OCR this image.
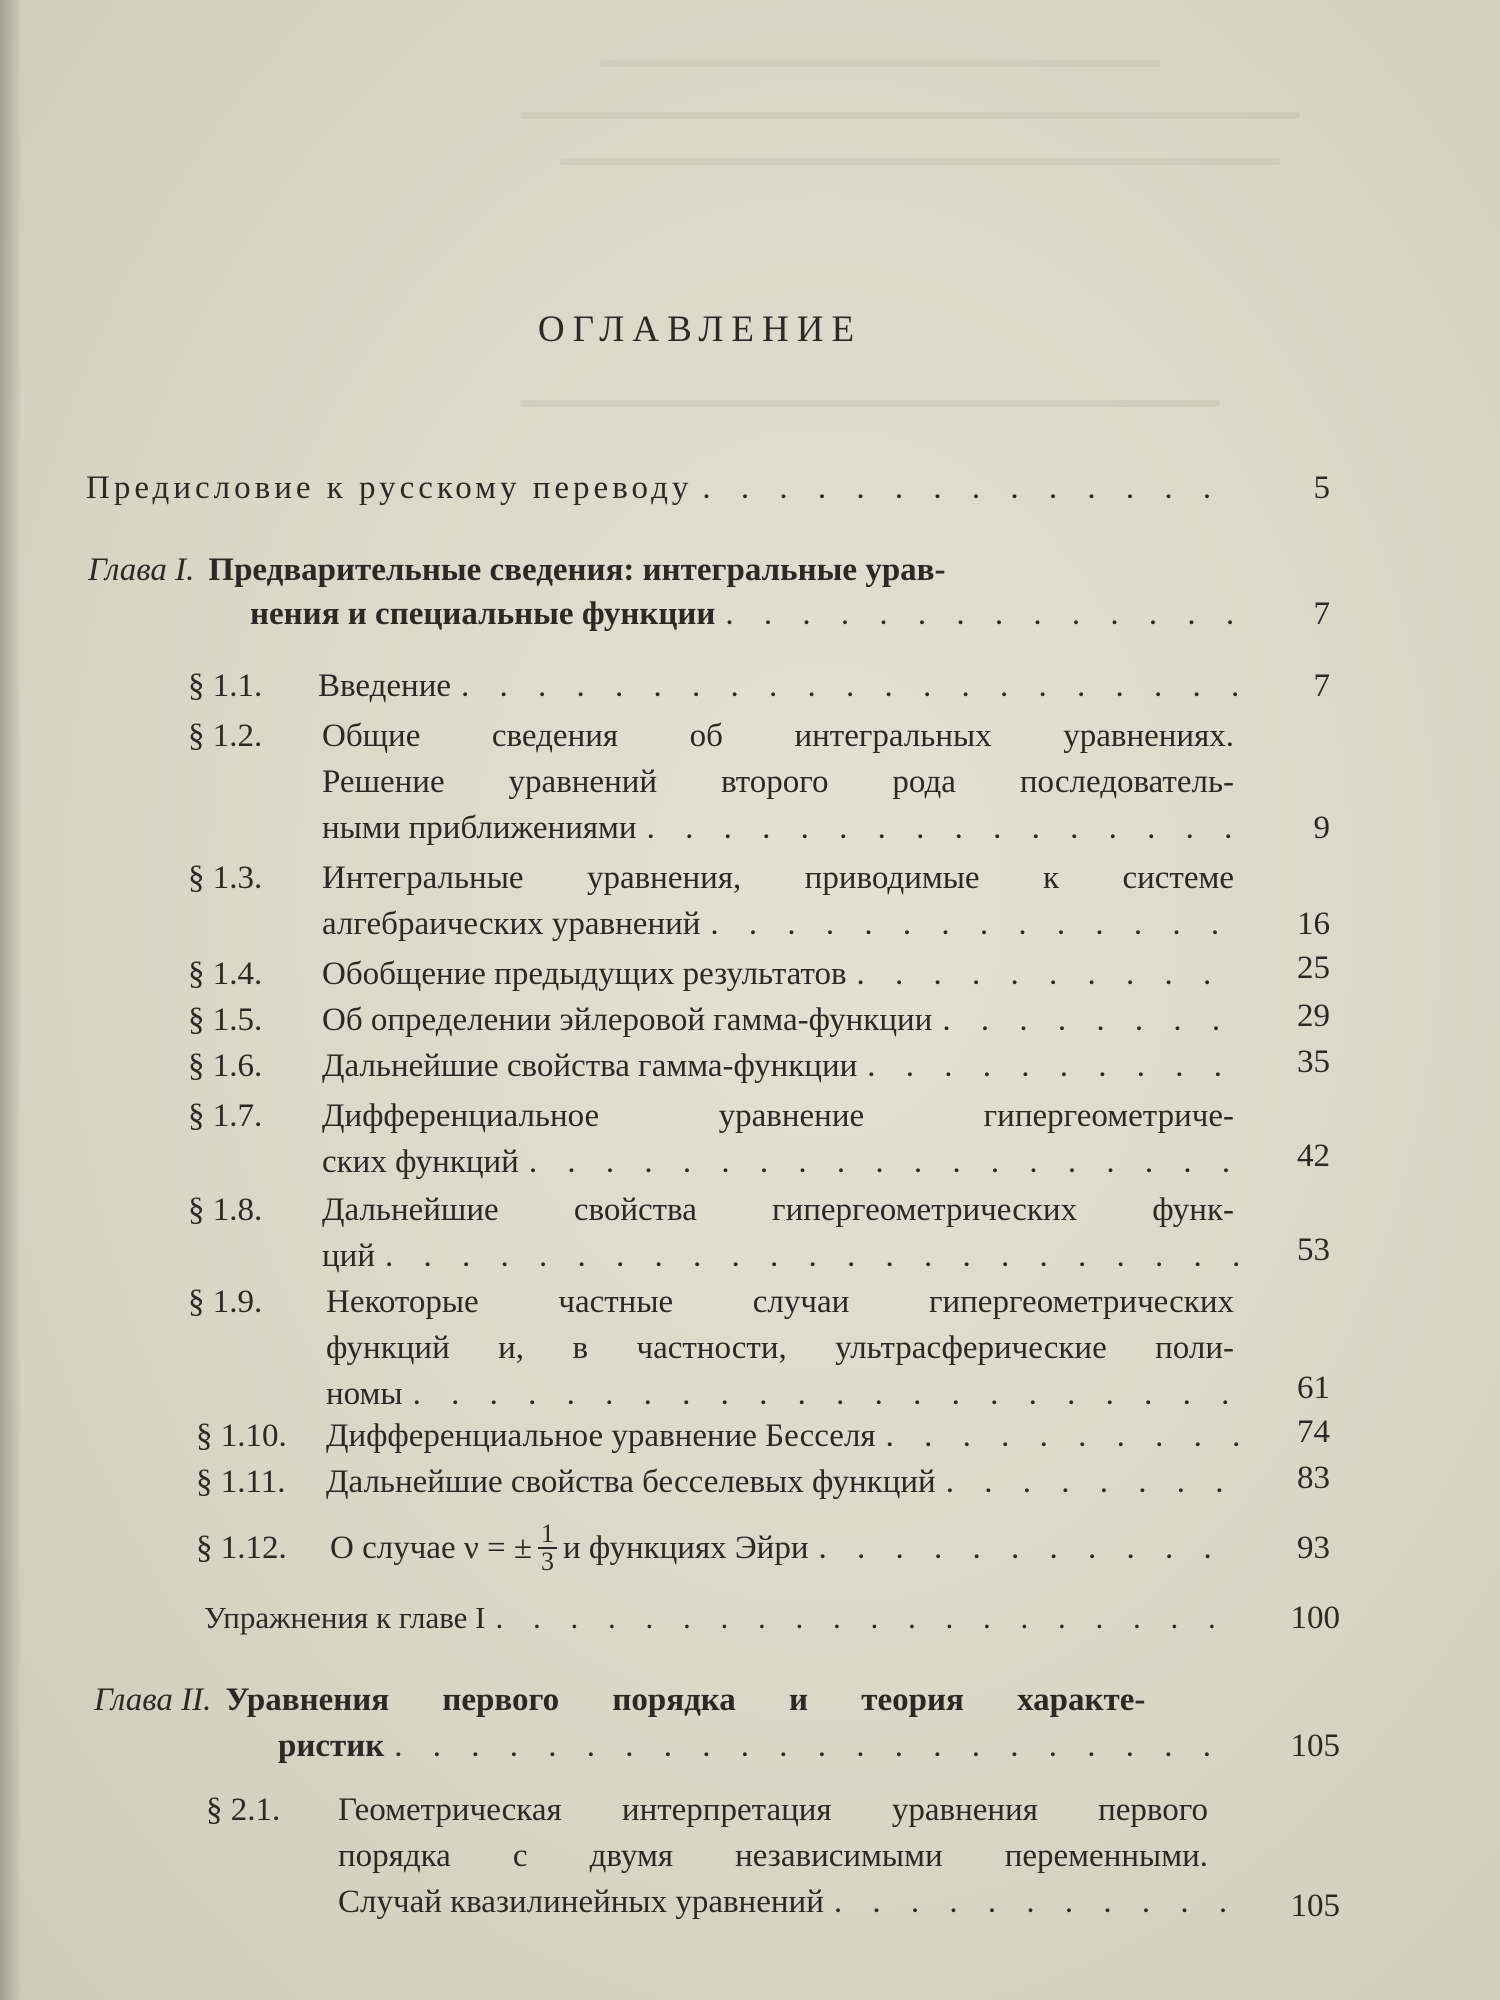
ОГЛАВЛЕНИЕ
Предисловие к русскому переводу . . .	5
Глава I. Предварительные сведения: интегральные урав-
нения и специальные функции . . .	7
§ 1.1. Введение . . .	7
§ 1.2. Общие сведения об интегральных уравнениях.
Решение уравнений второго рода последователь-
ными приближениями . . .	9
§ 1.3. Интегральные уравнения, приводимые к системе
алгебраических уравнений . . .	16
§ 1.4. Обобщение предыдущих результатов . . .	25
§ 1.5. Об определении эйлеровой гамма-функции . . .	29
§ 1.6. Дальнейшие свойства гамма-функции . . .	35
§ 1.7. Дифференциальное уравнение гипергеометриче-
ских функций . . .	42
§ 1.8. Дальнейшие свойства гипергеометрических функ-
ций . . .	53
§ 1.9. Некоторые частные случаи гипергеометрических
функций и, в частности, ультрасферические поли-
номы . . .	61
§ 1.10. Дифференциальное уравнение Бесселя . . .	74
§ 1.11. Дальнейшие свойства бесселевых функций . . .	83
§ 1.12. О случае ν = ± $\frac{1}{3}$ и функциях Эйри . . .	93
Упражнения к главе I . . .	100
Глава II. Уравнения первого порядка и теория характе-
ристик . . .	105
§ 2.1. Геометрическая интерпретация уравнения первого
порядка с двумя независимыми переменными.
Случай квазилинейных уравнений . . .	105
